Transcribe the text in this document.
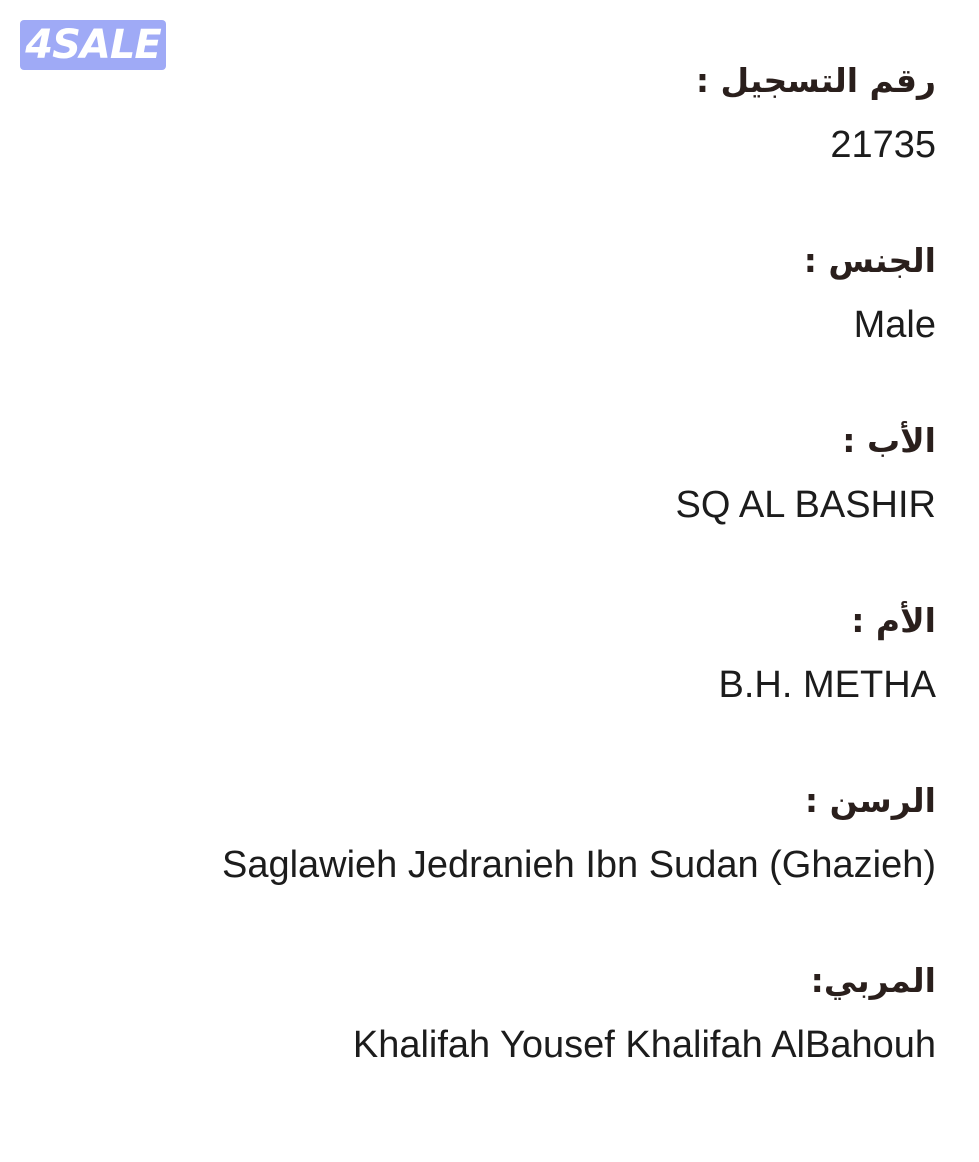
4SALE
رقم التسجيل :
21735
الجنس :
Male
الأب :
SQ AL BASHIR
الأم :
B.H. METHA
الرسن :
Saglawieh Jedranieh Ibn Sudan (Ghazieh)
المربي:
Khalifah Yousef Khalifah AlBahouh
